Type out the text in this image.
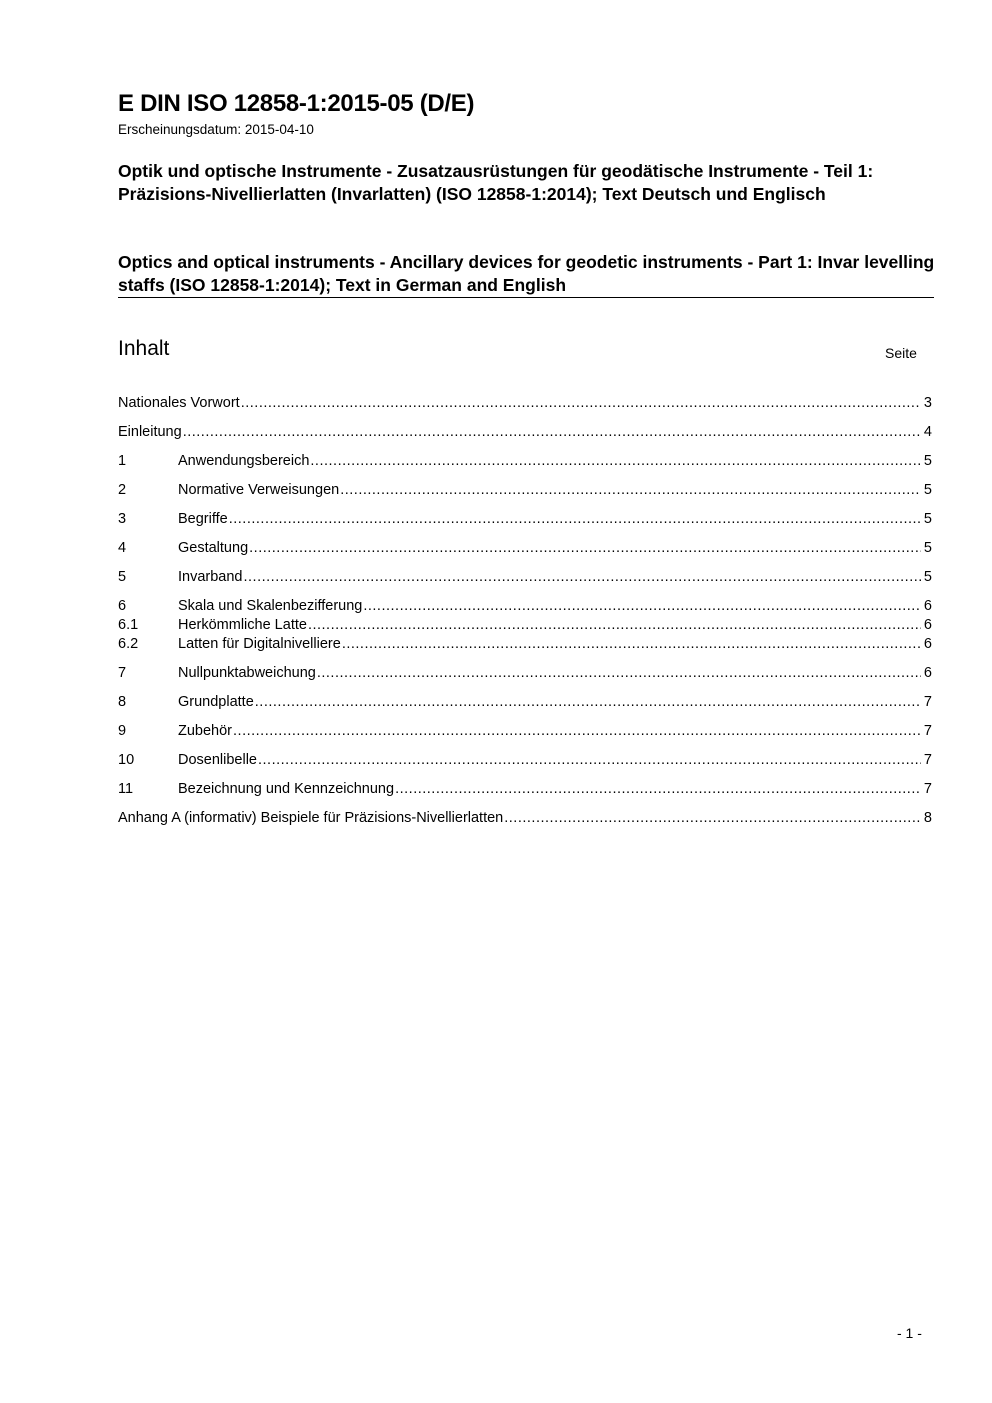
E DIN ISO 12858-1:2015-05 (D/E)
Erscheinungsdatum: 2015-04-10
Optik und optische Instrumente - Zusatzausrüstungen für geodätische Instrumente - Teil 1: Präzisions-Nivellierlatten (Invarlatten) (ISO 12858-1:2014); Text Deutsch und Englisch
Optics and optical instruments - Ancillary devices for geodetic instruments - Part 1: Invar levelling staffs (ISO 12858-1:2014); Text in German and English
Inhalt	Seite
Nationales Vorwort .....	3
Einleitung .....	4
1	Anwendungsbereich .....	5
2	Normative Verweisungen .....	5
3	Begriffe .....	5
4	Gestaltung .....	5
5	Invarband .....	5
6	Skala und Skalenbezifferung .....	6
6.1	Herkömmliche Latte .....	6
6.2	Latten für Digitalnivelliere .....	6
7	Nullpunktabweichung .....	6
8	Grundplatte .....	7
9	Zubehör .....	7
10	Dosenlibelle .....	7
11	Bezeichnung und Kennzeichnung .....	7
Anhang A (informativ) Beispiele für Präzisions-Nivellierlatten .....	8
- 1 -
